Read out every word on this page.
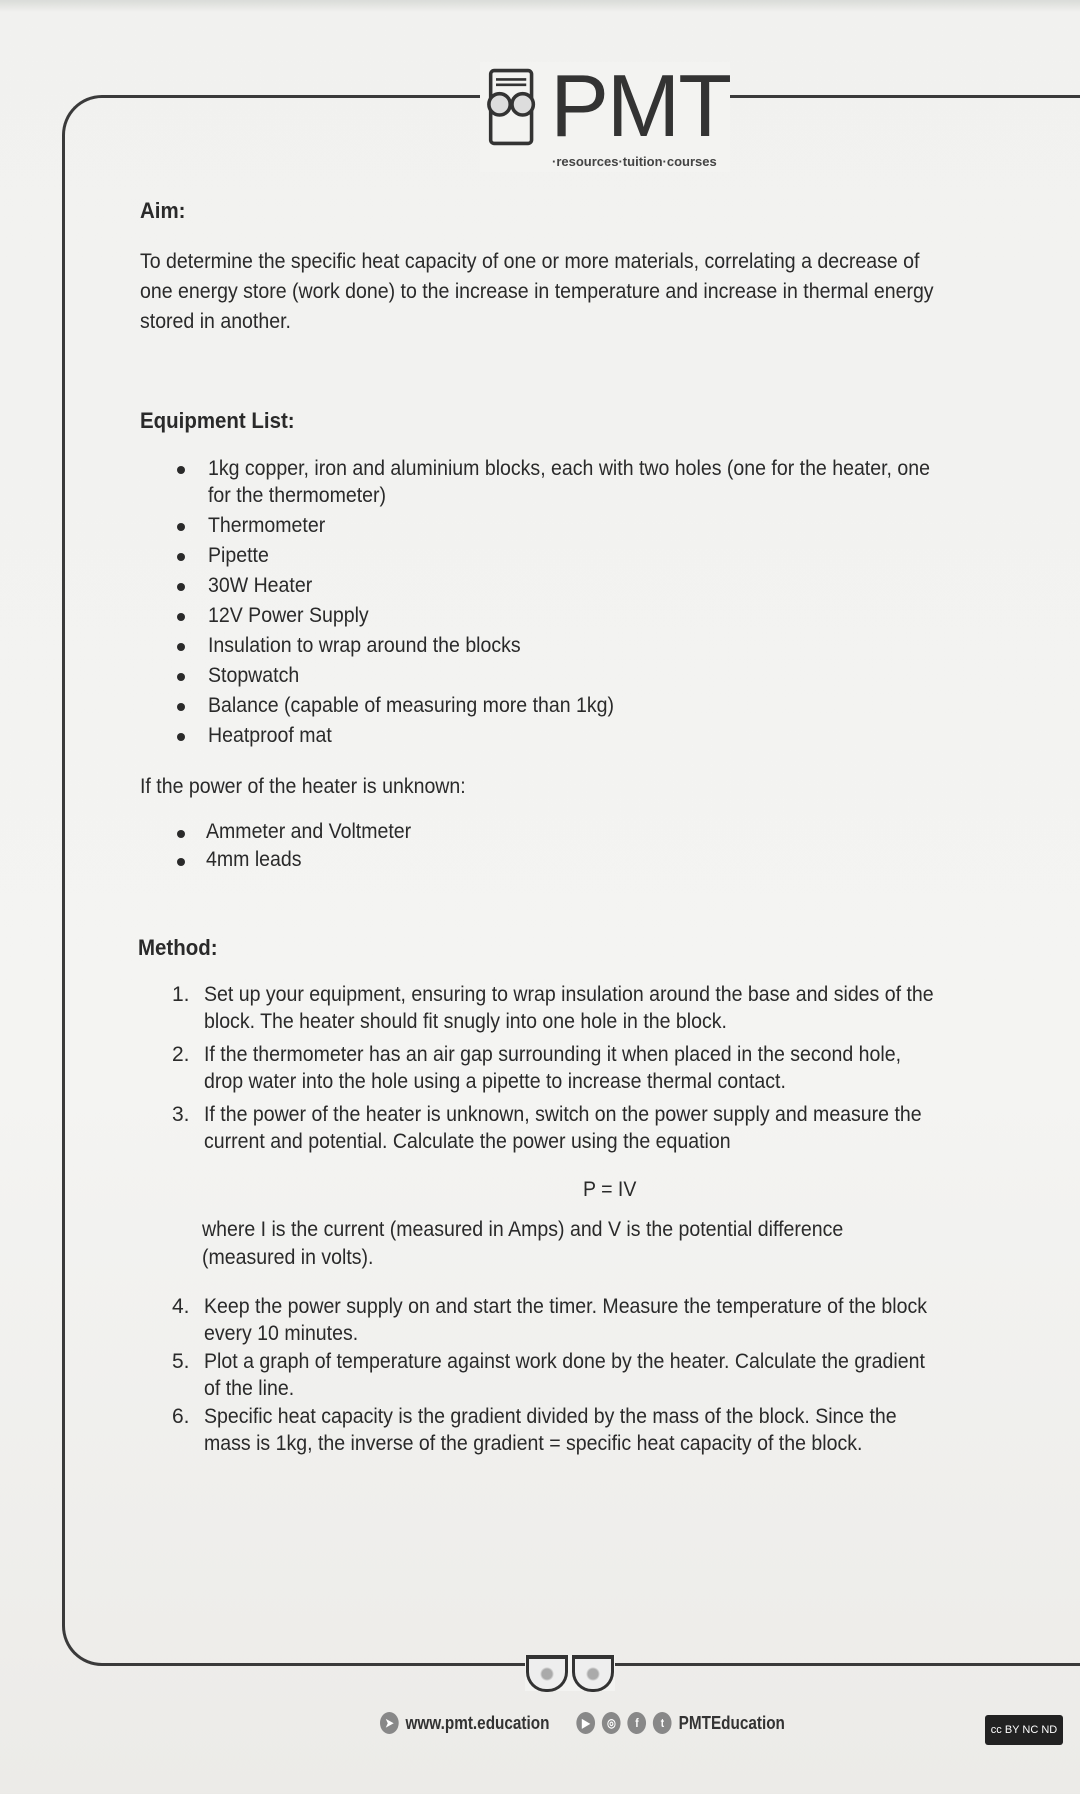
PMT
·resources·tuition·courses
Aim:
To determine the specific heat capacity of one or more materials, correlating a decrease of
one energy store (work done) to the increase in temperature and increase in thermal energy
stored in another.
Equipment List:
1kg copper, iron and aluminium blocks, each with two holes (one for the heater, one
for the thermometer)
Thermometer
Pipette
30W Heater
12V Power Supply
Insulation to wrap around the blocks
Stopwatch
Balance (capable of measuring more than 1kg)
Heatproof mat
If the power of the heater is unknown:
Ammeter and Voltmeter
4mm leads
Method:
1. Set up your equipment, ensuring to wrap insulation around the base and sides of the
block. The heater should fit snugly into one hole in the block.
2. If the thermometer has an air gap surrounding it when placed in the second hole,
drop water into the hole using a pipette to increase thermal contact.
3. If the power of the heater is unknown, switch on the power supply and measure the
current and potential. Calculate the power using the equation
4. Keep the power supply on and start the timer. Measure the temperature of the block
every 10 minutes.
5. Plot a graph of temperature against work done by the heater. Calculate the gradient
of the line.
6. Specific heat capacity is the gradient divided by the mass of the block. Since the
mass is 1kg, the inverse of the gradient = specific heat capacity of the block.
P = IV
where I is the current (measured in Amps) and V is the potential difference
(measured in volts).
➤ www.pmt.education	▶	◎	f	t PMTEducation	cc BY NC ND
